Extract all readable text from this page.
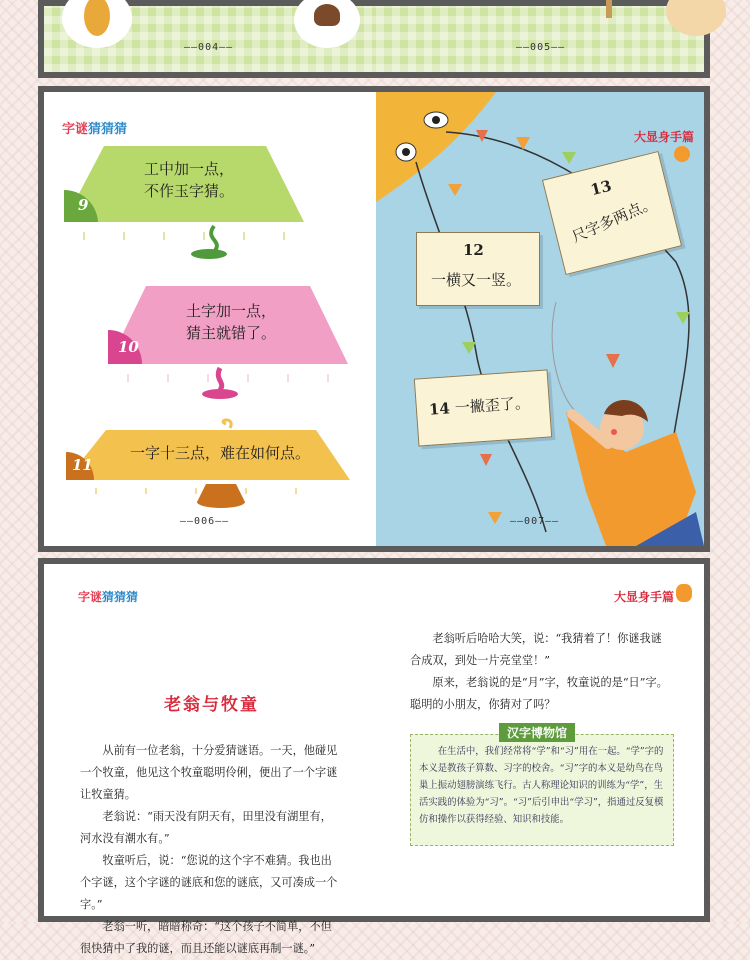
——004——	——005——
字谜猜猜猜
9
工中加一点，
不作玉字猜。
10
土字加一点，
猜主就错了。
11
一字十三点，难在如何点。
——006——
大显身手篇
13
尺字多两点。
12
一横又一竖。
14 一撇歪了。
——007——
字谜猜猜猜
老翁与牧童

从前有一位老翁，十分爱猜谜语。一天，他碰见一个牧童，他见这个牧童聪明伶俐，便出了一个字谜让牧童猜。

老翁说：“雨天没有阴天有，田里没有湖里有，河水没有潮水有。”

牧童听后，说：“您说的这个字不难猜。我也出个字谜，这个字谜的谜底和您的谜底，又可凑成一个字。”

老翁一听，暗暗称奇：“这个孩子不简单，不但很快猜中了我的谜，而且还能以谜底再制一谜。”

大显身手篇

老翁听后哈哈大笑，说：“我猜着了！你谜我谜合成双，到处一片亮堂堂！”

原来，老翁说的是“月”字，牧童说的是“日”字。聪明的小朋友，你猜对了吗？

汉字博物馆

在生活中，我们经常将“学”和“习”用在一起。“学”字的本义是教孩子算数、习字的校舍。“习”字的本义是幼鸟在鸟巢上振动翅膀演练飞行。古人称理论知识的训练为“学”，生活实践的体验为“习”。“习”后引申出“学习”，指通过反复模仿和操作以获得经验、知识和技能。
